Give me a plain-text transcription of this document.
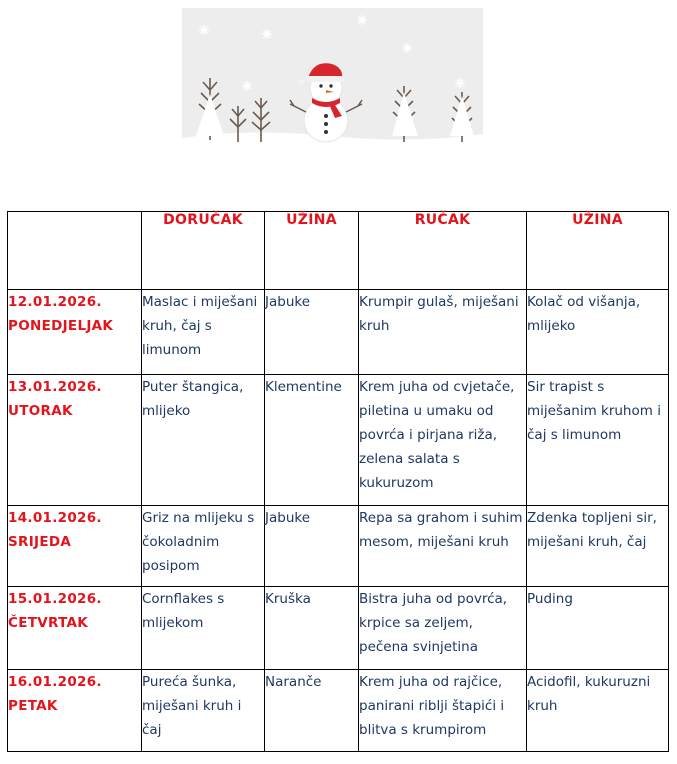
	DORUČAK	UŽINA	RUČAK	UŽINA

12.01.2026.
PONEDJELJAK	Maslac i miješani kruh, čaj s limunom	Jabuke	Krumpir gulaš, miješani kruh	Kolač od višanja, mlijeko

13.01.2026.
UTORAK	Puter štangica, mlijeko	Klementine	Krem juha od cvjetače, piletina u umaku od povrća i pirjana riža, zelena salata s kukuruzom	Sir trapist s miješanim kruhom i čaj s limunom

14.01.2026.
SRIJEDA	Griz na mlijeku s čokoladnim posipom	Jabuke	Repa sa grahom i suhim mesom, miješani kruh	Zdenka topljeni sir, miješani kruh, čaj

15.01.2026.
ČETVRTAK	Cornflakes s mlijekom	Kruška	Bistra juha od povrća, krpice sa zeljem, pečena svinjetina	Puding

16.01.2026.
PETAK	Pureća šunka, miješani kruh i čaj	Naranče	Krem juha od rajčice, panirani riblji štapići i blitva s krumpirom	Acidofil, kukuruzni kruh
